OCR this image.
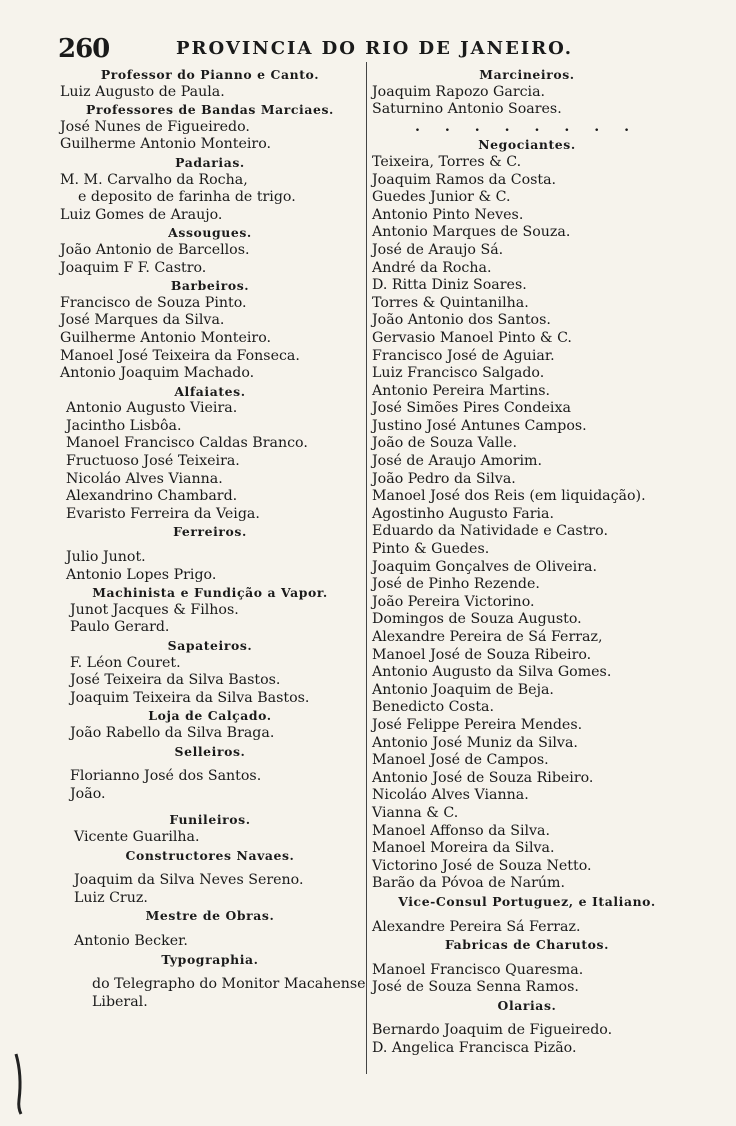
260	PROVINCIA DO RIO DE JANEIRO.
Professor do Pianno e Canto.
Luiz Augusto de Paula.
Professores de Bandas Marciaes.
José Nunes de Figueiredo.
Guilherme Antonio Monteiro.
Padarias.
M. M. Carvalho da Rocha,
e deposito de farinha de trigo.
Luiz Gomes de Araujo.
Assougues.
João Antonio de Barcellos.
Joaquim F F. Castro.
Barbeiros.
Francisco de Souza Pinto.
José Marques da Silva.
Guilherme Antonio Monteiro.
Manoel José Teixeira da Fonseca.
Antonio Joaquim Machado.
Alfaiates.
Antonio Augusto Vieira.
Jacintho Lisbôa.
Manoel Francisco Caldas Branco.
Fructuoso José Teixeira.
Nicoláo Alves Vianna.
Alexandrino Chambard.
Evaristo Ferreira da Veiga.
Ferreiros.
Julio Junot.
Antonio Lopes Prigo.
Machinista e Fundição a Vapor.
Junot Jacques & Filhos.
Paulo Gerard.
Sapateiros.
F. Léon Couret.
José Teixeira da Silva Bastos.
Joaquim Teixeira da Silva Bastos.
Loja de Calçado.
João Rabello da Silva Braga.
Selleiros.
Florianno José dos Santos.
João.
Funileiros.
Vicente Guarilha.
Constructores Navaes.
Joaquim da Silva Neves Sereno.
Luiz Cruz.
Mestre de Obras.
Antonio Becker.
Typographia.
do Telegrapho do Monitor Macahense
Liberal.
Marcineiros.
Joaquim Rapozo Garcia.
Saturnino Antonio Soares.
. . . . . . . .
Negociantes.
Teixeira, Torres & C.
Joaquim Ramos da Costa.
Guedes Junior & C.
Antonio Pinto Neves.
Antonio Marques de Souza.
José de Araujo Sá.
André da Rocha.
D. Ritta Diniz Soares.
Torres & Quintanilha.
João Antonio dos Santos.
Gervasio Manoel Pinto & C.
Francisco José de Aguiar.
Luiz Francisco Salgado.
Antonio Pereira Martins.
José Simões Pires Condeixa
Justino José Antunes Campos.
João de Souza Valle.
José de Araujo Amorim.
João Pedro da Silva.
Manoel José dos Reis (em liquidação).
Agostinho Augusto Faria.
Eduardo da Natividade e Castro.
Pinto & Guedes.
Joaquim Gonçalves de Oliveira.
José de Pinho Rezende.
João Pereira Victorino.
Domingos de Souza Augusto.
Alexandre Pereira de Sá Ferraz,
Manoel José de Souza Ribeiro.
Antonio Augusto da Silva Gomes.
Antonio Joaquim de Beja.
Benedicto Costa.
José Felippe Pereira Mendes.
Antonio José Muniz da Silva.
Manoel José de Campos.
Antonio José de Souza Ribeiro.
Nicoláo Alves Vianna.
Vianna & C.
Manoel Affonso da Silva.
Manoel Moreira da Silva.
Victorino José de Souza Netto.
Barão da Póvoa de Narúm.
Vice-Consul Portuguez, e Italiano.
Alexandre Pereira Sá Ferraz.
Fabricas de Charutos.
Manoel Francisco Quaresma.
José de Souza Senna Ramos.
Olarias.
Bernardo Joaquim de Figueiredo.
D. Angelica Francisca Pizão.
